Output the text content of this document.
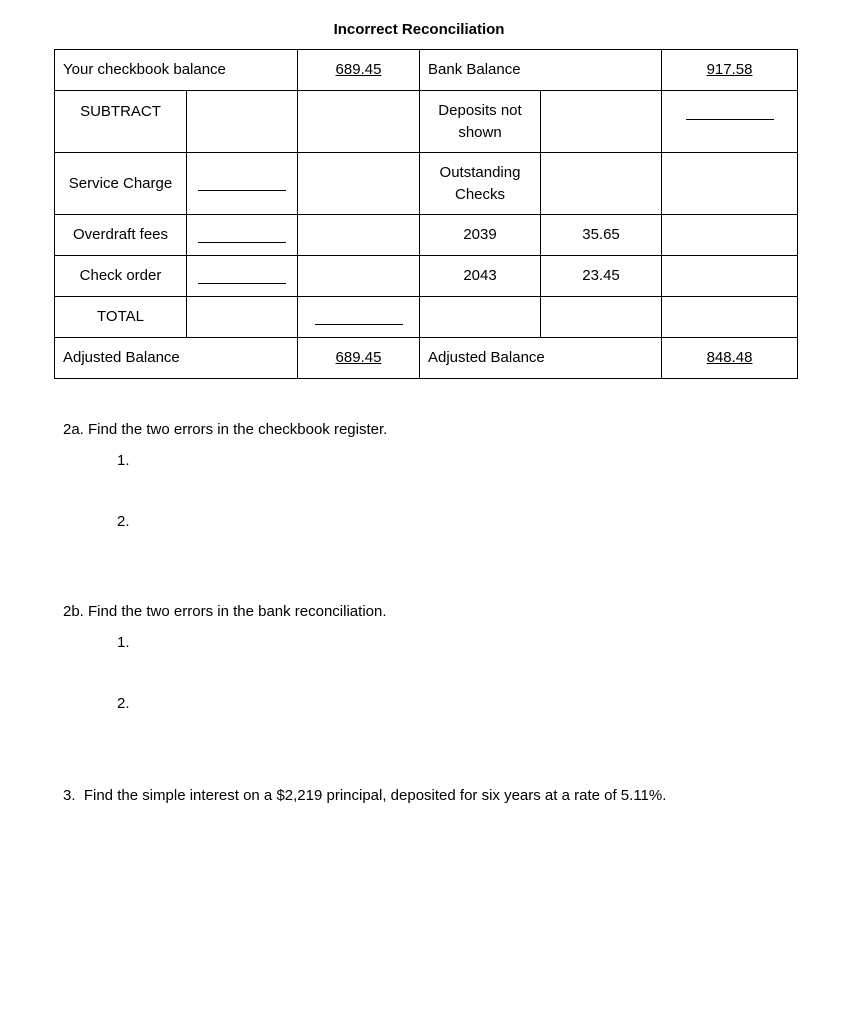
Incorrect Reconciliation
Your checkbook balance		689.45	Bank Balance		917.58
SUBTRACT			Deposits not shown		
Service Charge			Outstanding Checks		
Overdraft fees			2039	35.65	
Check order			2043	23.45	
TOTAL					
Adjusted Balance		689.45	Adjusted Balance		848.48
2a. Find the two errors in the checkbook register.
1.
2.
2b. Find the two errors in the bank reconciliation.
1.
2.
3.  Find the simple interest on a $2,219 principal, deposited for six years at a rate of 5.11%.
